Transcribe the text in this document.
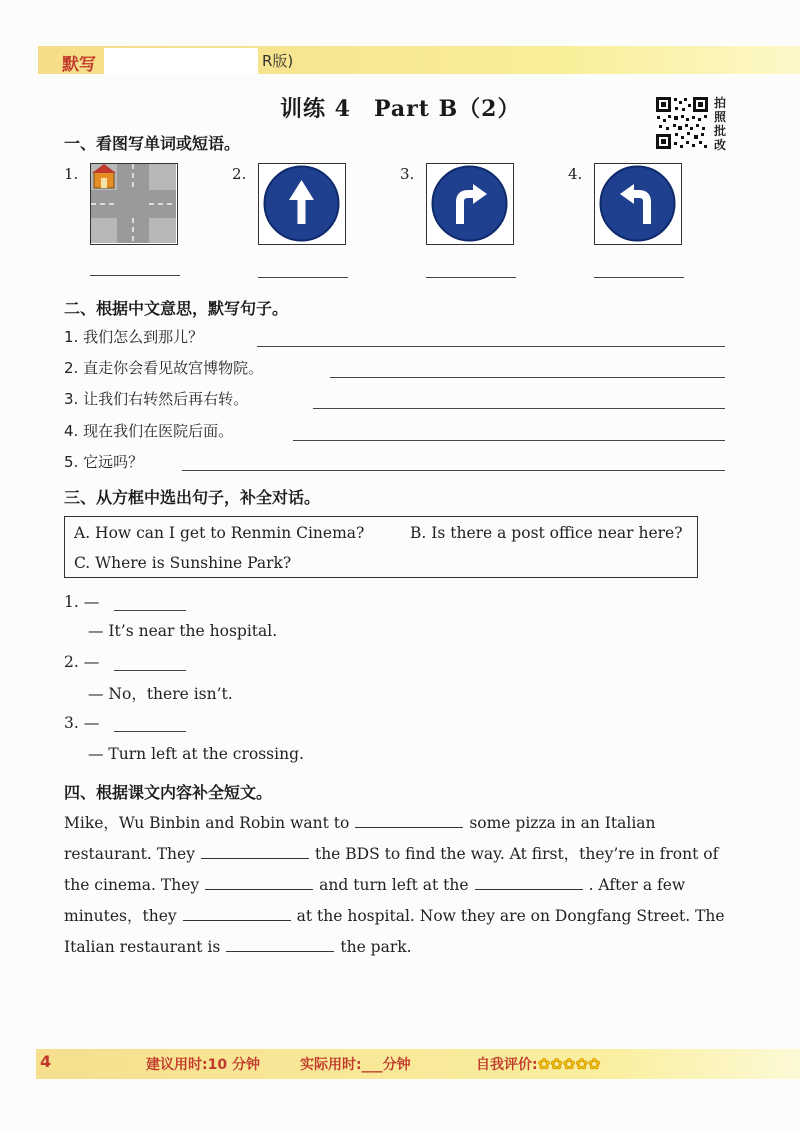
默写	R版)
训练 4　Part B（2）	拍
照
批
改
一、看图写单词或短语。
1.	2.	3.	4.
二、根据中文意思，默写句子。
1. 我们怎么到那儿？
2. 直走你会看见故宫博物院。
3. 让我们右转然后再右转。
4. 现在我们在医院后面。
5. 它远吗？
三、从方框中选出句子，补全对话。
A. How can I get to Renmin Cinema?	B. Is there a post office near here?
C. Where is Sunshine Park?
1. —
— It’s near the hospital.
2. —
— No，there isn’t.
3. —
— Turn left at the crossing.
四、根据课文内容补全短文。
Mike，Wu Binbin and Robin want to	some pizza in an Italian restaurant. They	the BDS to find the way. At first，they’re in front of the cinema. They	and turn left at the	. After a few minutes，they	at the hospital. Now they are on Dongfang Street. The Italian restaurant is	the park.
4	建议用时:10 分钟	实际用时:___分钟	自我评价:✿✿✿✿✿
